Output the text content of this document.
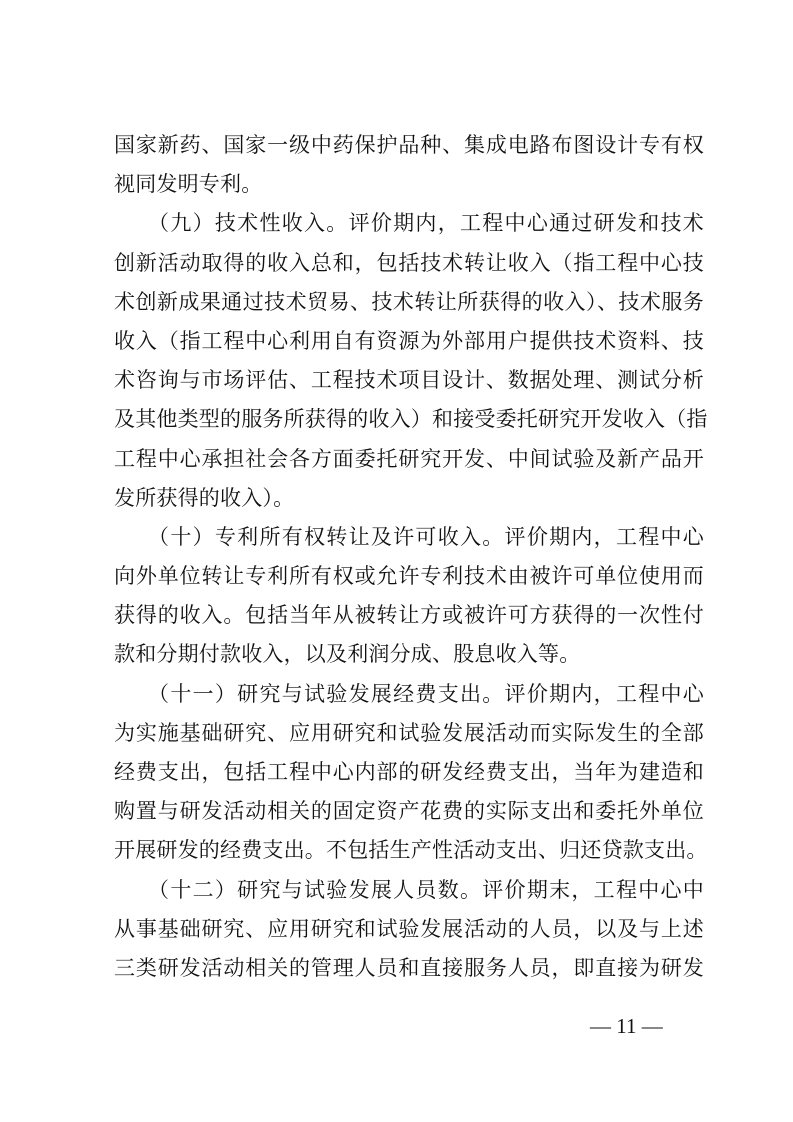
国家新药、国家一级中药保护品种、集成电路布图设计专有权
视同发明专利。
　　（九）技术性收入。评价期内，工程中心通过研发和技术
创新活动取得的收入总和，包括技术转让收入（指工程中心技
术创新成果通过技术贸易、技术转让所获得的收入）、技术服务
收入（指工程中心利用自有资源为外部用户提供技术资料、技
术咨询与市场评估、工程技术项目设计、数据处理、测试分析
及其他类型的服务所获得的收入）和接受委托研究开发收入（指
工程中心承担社会各方面委托研究开发、中间试验及新产品开
发所获得的收入）。
　　（十）专利所有权转让及许可收入。评价期内，工程中心
向外单位转让专利所有权或允许专利技术由被许可单位使用而
获得的收入。包括当年从被转让方或被许可方获得的一次性付
款和分期付款收入，以及利润分成、股息收入等。
　　（十一）研究与试验发展经费支出。评价期内，工程中心
为实施基础研究、应用研究和试验发展活动而实际发生的全部
经费支出，包括工程中心内部的研发经费支出，当年为建造和
购置与研发活动相关的固定资产花费的实际支出和委托外单位
开展研发的经费支出。不包括生产性活动支出、归还贷款支出。
　　（十二）研究与试验发展人员数。评价期末，工程中心中
从事基础研究、应用研究和试验发展活动的人员，以及与上述
三类研发活动相关的管理人员和直接服务人员，即直接为研发
— 11 —
